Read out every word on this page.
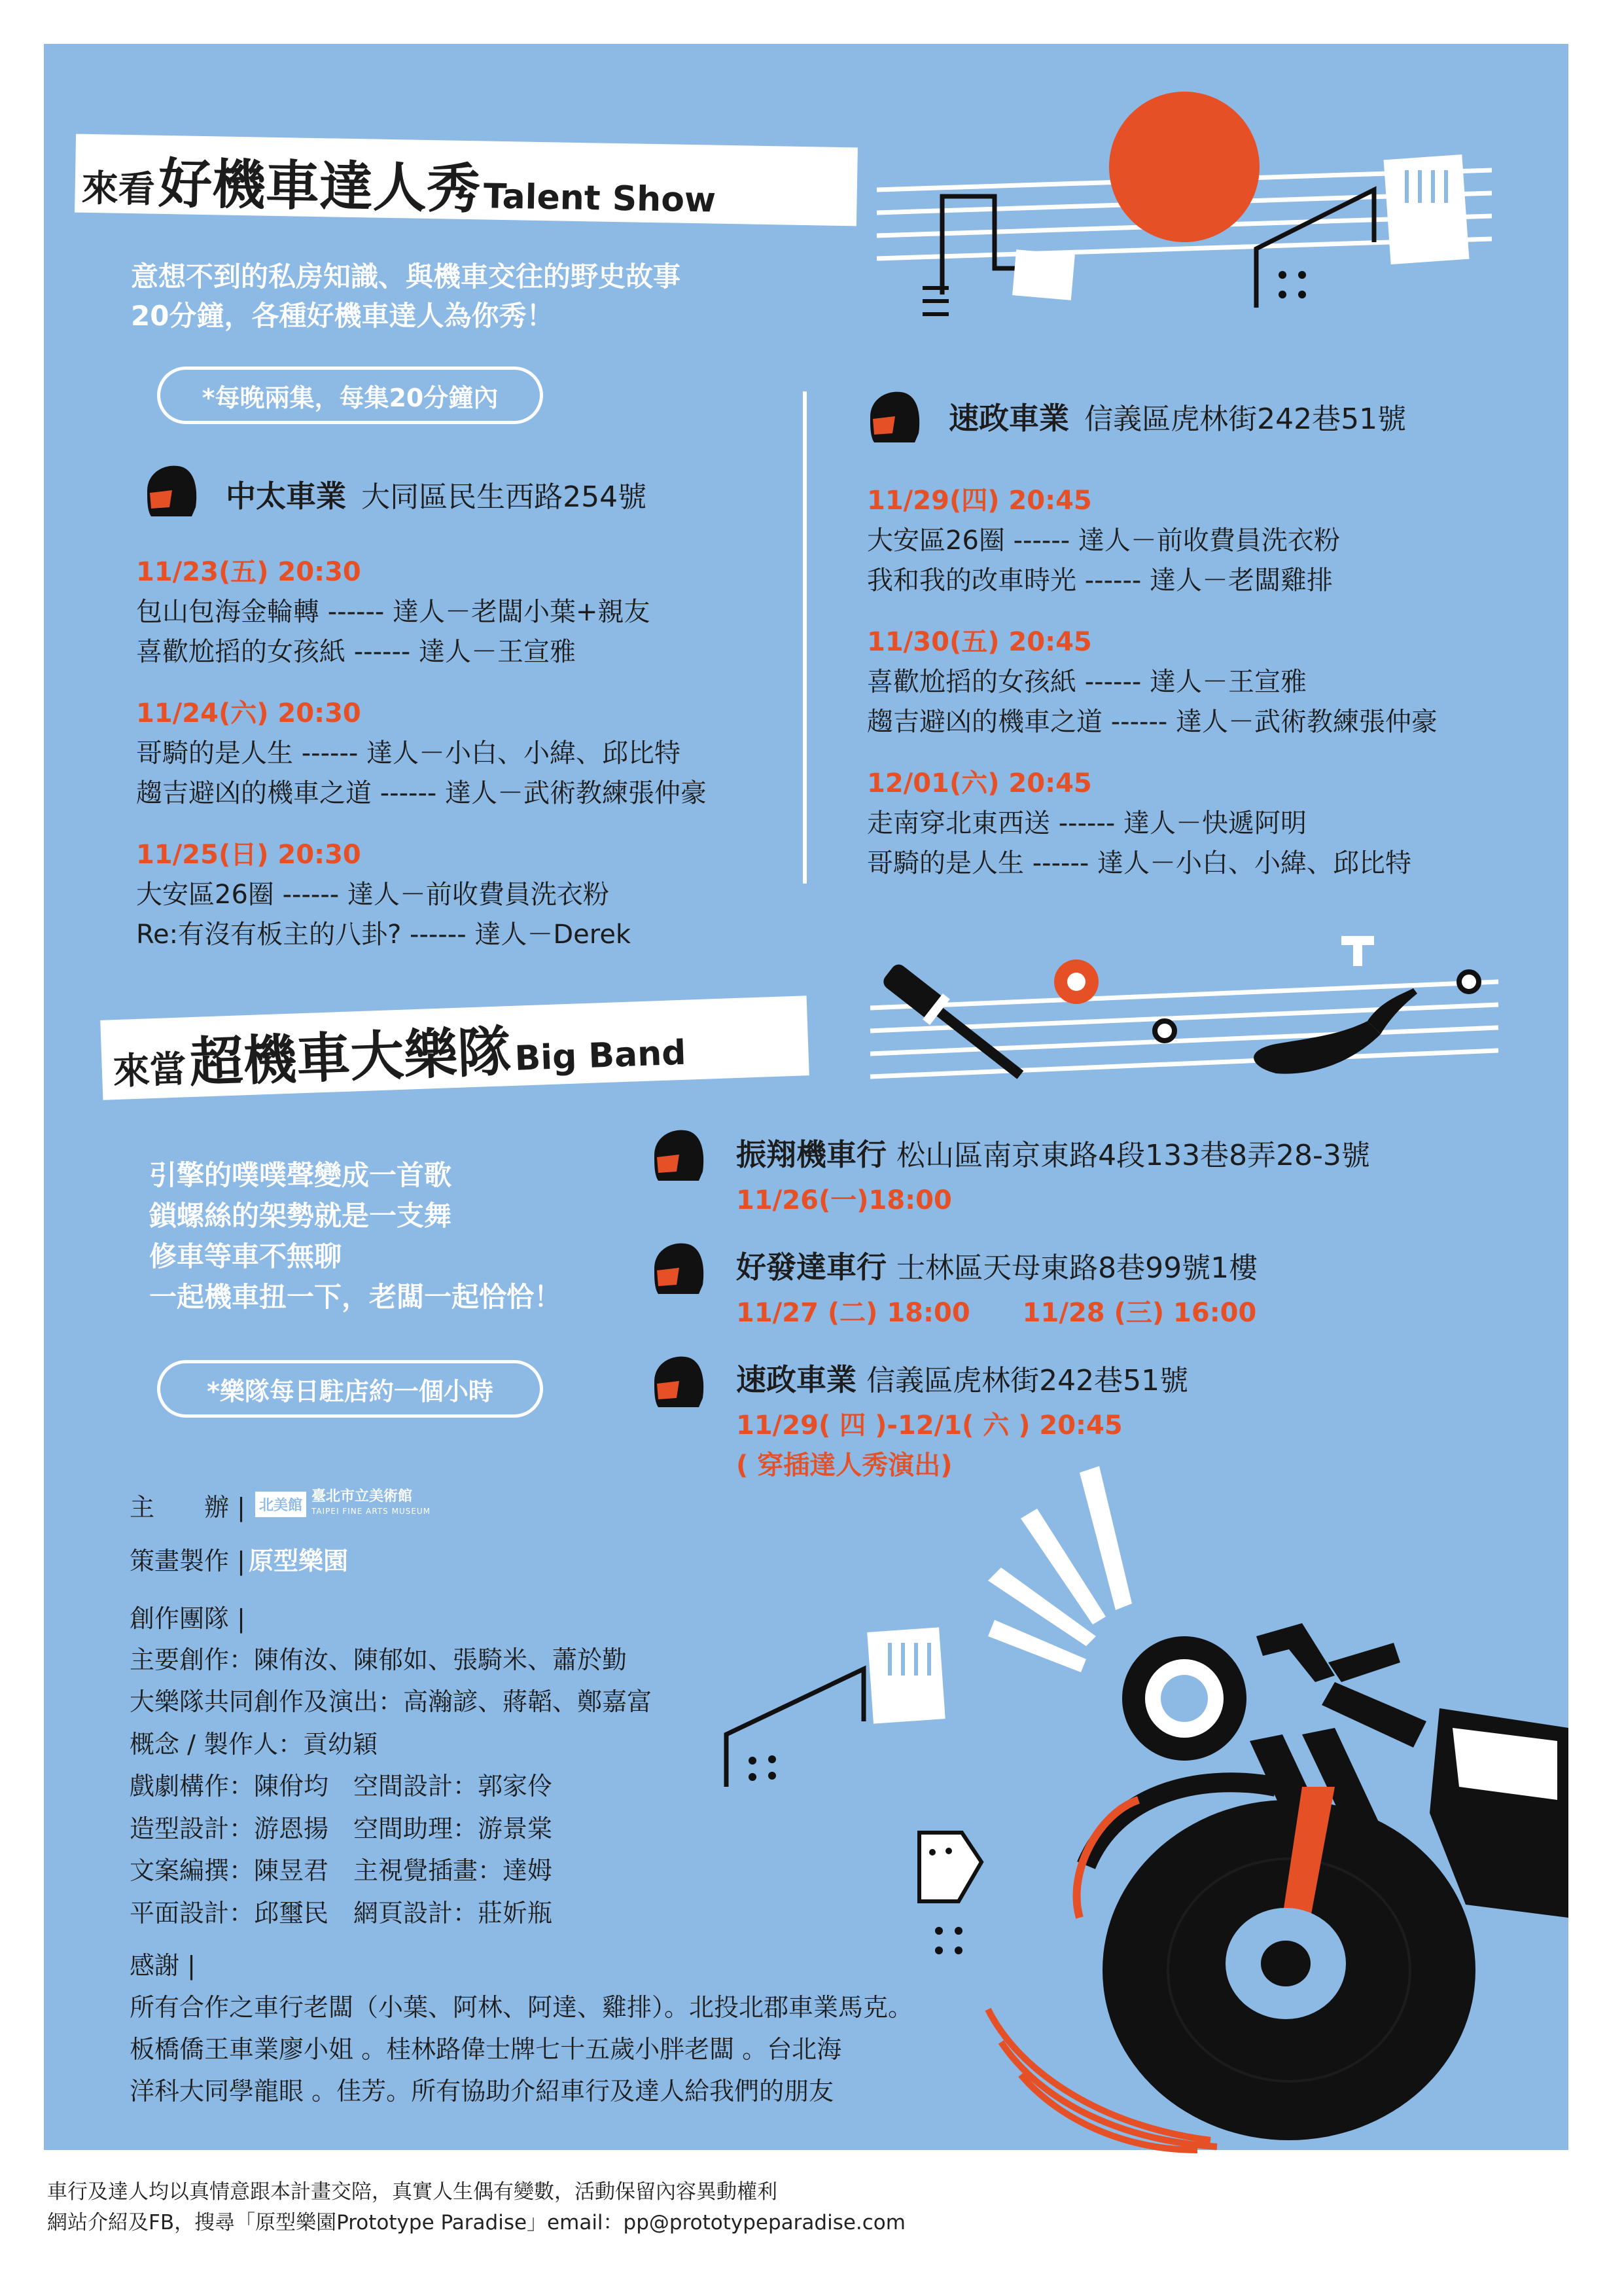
來看 好機車達人秀 Talent Show
意想不到的私房知識、與機車交往的野史故事
20分鐘，各種好機車達人為你秀！
*每晚兩集，每集20分鐘內
中太車業 大同區民生西路254號
11/23(五) 20:30
包山包海金輪轉 ------ 達人－老闆小葉+親友
喜歡尬搯的女孩紙 ------ 達人－王宣雅
11/24(六) 20:30
哥騎的是人生 ------ 達人－小白、小緯、邱比特
趨吉避凶的機車之道 ------ 達人－武術教練張仲豪
11/25(日) 20:30
大安區26圈 ------ 達人－前收費員洗衣粉
Re:有沒有板主的八卦? ------ 達人－Derek
速政車業 信義區虎林街242巷51號
11/29(四) 20:45
大安區26圈 ------ 達人－前收費員洗衣粉
我和我的改車時光 ------ 達人－老闆雞排
11/30(五) 20:45
喜歡尬搯的女孩紙 ------ 達人－王宣雅
趨吉避凶的機車之道 ------ 達人－武術教練張仲豪
12/01(六) 20:45
走南穿北東西送 ------ 達人－快遞阿明
哥騎的是人生 ------ 達人－小白、小緯、邱比特
來當 超機車大樂隊 Big Band
引擎的噗噗聲變成一首歌
鎖螺絲的架勢就是一支舞
修車等車不無聊
一起機車扭一下，老闆一起恰恰！
*樂隊每日駐店約一個小時
振翔機車行 松山區南京東路4段133巷8弄28-3號
11/26(一)18:00
好發達車行 士林區天母東路8巷99號1樓
11/27 (二) 18:00　　11/28 (三) 16:00
速政車業 信義區虎林街242巷51號
11/29( 四 )-12/1( 六 ) 20:45
( 穿插達人秀演出)
主　　辦 | 北美館
臺北市立美術館
TAIPEI FINE ARTS MUSEUM
策畫製作 | 原型樂園
創作團隊 |
主要創作：陳侑汝、陳郁如、張騎米、蕭於勤
大樂隊共同創作及演出：高瀚諺、蔣韜、鄭嘉富
概念 / 製作人：貢幼穎
戲劇構作：陳佾均　空間設計：郭家伶
造型設計：游恩揚　空間助理：游景棠
文案編撰：陳昱君　主視覺插畫：達姆
平面設計：邱璽民　網頁設計：莊妡瓶
感謝 |
所有合作之車行老闆（小葉、阿林、阿達、雞排）。北投北郡車業馬克。
板橋僑王車業廖小姐 。桂林路偉士牌七十五歲小胖老闆 。台北海
洋科大同學龍眼 。佳芳。所有協助介紹車行及達人給我們的朋友
車行及達人均以真情意跟本計畫交陪，真實人生偶有變數，活動保留內容異動權利
網站介紹及FB，搜尋「原型樂園Prototype Paradise」email：pp@prototypeparadise.com
